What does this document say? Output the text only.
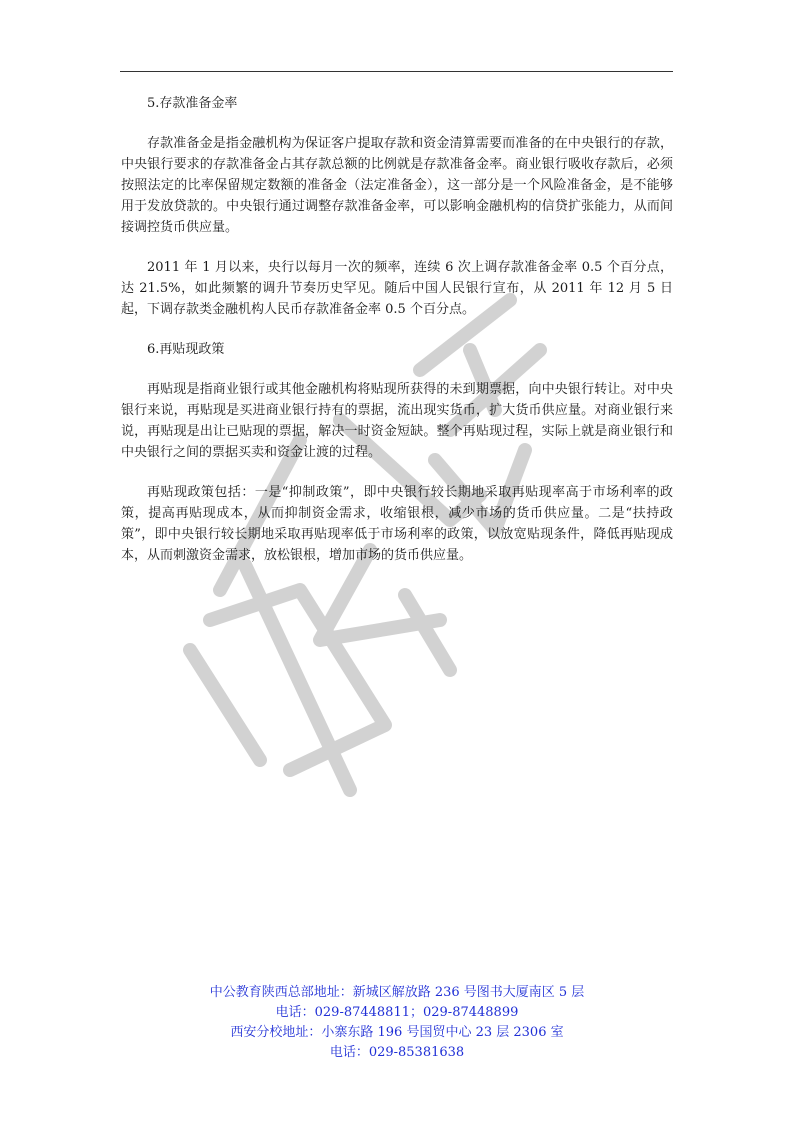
5.存款准备金率

存款准备金是指金融机构为保证客户提取存款和资金清算需要而准备的在中央银行的存款，中央银行要求的存款准备金占其存款总额的比例就是存款准备金率。商业银行吸收存款后，必须按照法定的比率保留规定数额的准备金（法定准备金），这一部分是一个风险准备金，是不能够用于发放贷款的。中央银行通过调整存款准备金率，可以影响金融机构的信贷扩张能力，从而间接调控货币供应量。

2011 年 1 月以来，央行以每月一次的频率，连续 6 次上调存款准备金率 0.5 个百分点，达 21.5%，如此频繁的调升节奏历史罕见。随后中国人民银行宣布，从 2011 年 12 月 5 日起，下调存款类金融机构人民币存款准备金率 0.5 个百分点。

6.再贴现政策

再贴现是指商业银行或其他金融机构将贴现所获得的未到期票据，向中央银行转让。对中央银行来说，再贴现是买进商业银行持有的票据，流出现实货币，扩大货币供应量。对商业银行来说，再贴现是出让已贴现的票据，解决一时资金短缺。整个再贴现过程，实际上就是商业银行和中央银行之间的票据买卖和资金让渡的过程。

再贴现政策包括：一是“抑制政策”，即中央银行较长期地采取再贴现率高于市场利率的政策，提高再贴现成本，从而抑制资金需求，收缩银根，减少市场的货币供应量。二是“扶持政策”，即中央银行较长期地采取再贴现率低于市场利率的政策，以放宽贴现条件，降低再贴现成本，从而刺激资金需求，放松银根，增加市场的货币供应量。

中公教育陕西总部地址：新城区解放路 236 号图书大厦南区 5 层
电话：029-87448811；029-87448899
西安分校地址：小寨东路 196 号国贸中心 23 层 2306 室
电话：029-85381638
